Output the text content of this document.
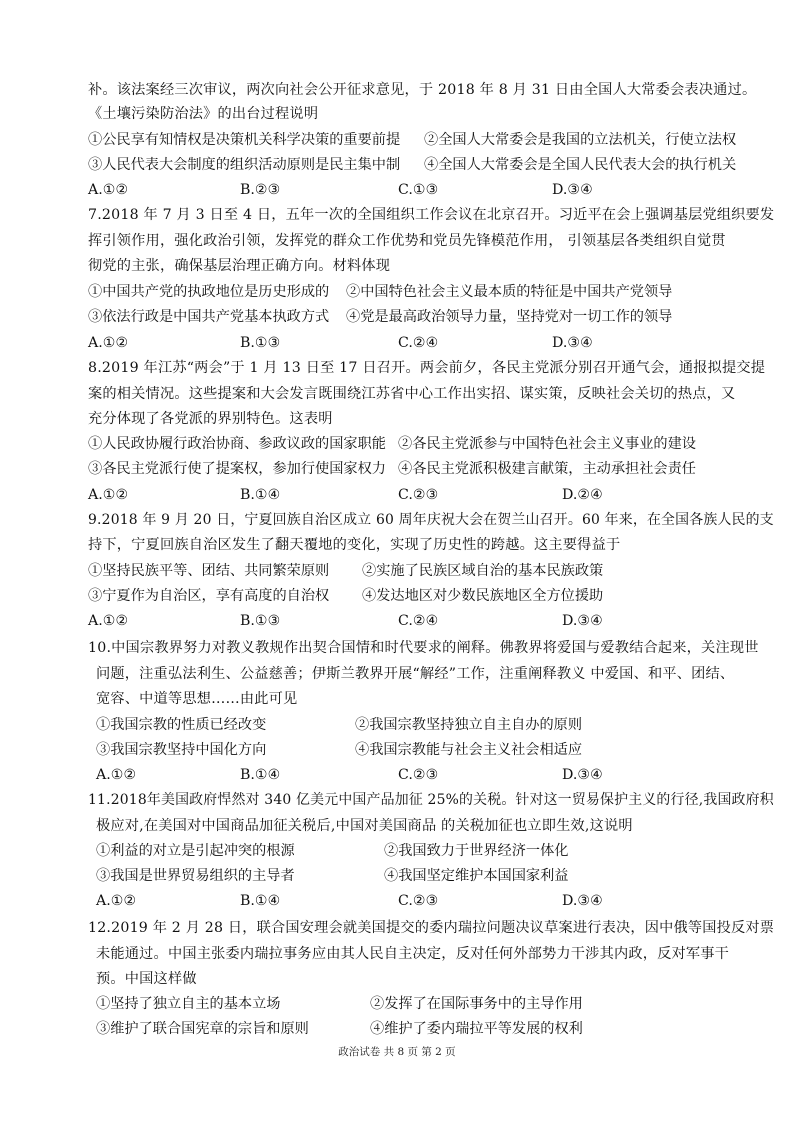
补。该法案经三次审议，两次向社会公开征求意见，于 2018 年 8 月 31 日由全国人大常委会表决通过。
《土壤污染防治法》的出台过程说明
①公民享有知情权是决策机关科学决策的重要前提 ②全国人大常委会是我国的立法机关，行使立法权
③人民代表大会制度的组织活动原则是民主集中制 ④全国人大常委会是全国人民代表大会的执行机关
A.①②	B.②③	C.①③	D.③④
7.2018 年 7 月 3 日至 4 日，五年一次的全国组织工作会议在北京召开。习近平在会上强调基层党组织要发
挥引领作用，强化政治引领，发挥党的群众工作优势和党员先锋模范作用， 引领基层各类组织自觉贯
彻党的主张，确保基层治理正确方向。材料体现
①中国共产党的执政地位是历史形成的 ②中国特色社会主义最本质的特征是中国共产党领导
③依法行政是中国共产党基本执政方式 ④党是最高政治领导力量，坚持党对一切工作的领导
A.①②	B.①③	C.②④	D.③④
8.2019 年江苏“两会”于 1 月 13 日至 17 日召开。两会前夕，各民主党派分别召开通气会，通报拟提交提
案的相关情况。这些提案和大会发言既围绕江苏省中心工作出实招、谋实策，反映社会关切的热点，又
充分体现了各党派的界别特色。这表明
①人民政协履行政治协商、参政议政的国家职能 ②各民主党派参与中国特色社会主义事业的建设
③各民主党派行使了提案权，参加行使国家权力 ④各民主党派积极建言献策，主动承担社会责任
A.①②	B.①④	C.②③	D.②④
9.2018 年 9 月 20 日，宁夏回族自治区成立 60 周年庆祝大会在贺兰山召开。60 年来，在全国各族人民的支
持下，宁夏回族自治区发生了翻天覆地的变化，实现了历史性的跨越。这主要得益于
①坚持民族平等、团结、共同繁荣原则 ②实施了民族区域自治的基本民族政策
③宁夏作为自治区，享有高度的自治权 ④发达地区对少数民族地区全方位援助
A.①②	B.①③	C.②④	D.③④
10.中国宗教界努力对教义教规作出契合国情和时代要求的阐释。佛教界将爱国与爱教结合起来，关注现世
问题，注重弘法利生、公益慈善；伊斯兰教界开展“解经”工作，注重阐释教义 中爱国、和平、团结、
宽容、中道等思想……由此可见
①我国宗教的性质已经改变	②我国宗教坚持独立自主自办的原则
③我国宗教坚持中国化方向	④我国宗教能与社会主义社会相适应
A.①②	B.①④	C.②③	D.③④
11.2018年美国政府悍然对 340 亿美元中国产品加征 25%的关税。针对这一贸易保护主义的行径,我国政府积
极应对,在美国对中国商品加征关税后,中国对美国商品 的关税加征也立即生效,这说明
①利益的对立是引起冲突的根源	②我国致力于世界经济一体化
③我国是世界贸易组织的主导者	④我国坚定维护本国国家利益
A.①②	B.①④	C.②③	D.③④
12.2019 年 2 月 28 日，联合国安理会就美国提交的委内瑞拉问题决议草案进行表决，因中俄等国投反对票
未能通过。中国主张委内瑞拉事务应由其人民自主决定，反对任何外部势力干涉其内政，反对军事干
预。中国这样做
①坚持了独立自主的基本立场	②发挥了在国际事务中的主导作用
③维护了联合国宪章的宗旨和原则	④维护了委内瑞拉平等发展的权利
政治试卷 共 8 页 第 2 页
